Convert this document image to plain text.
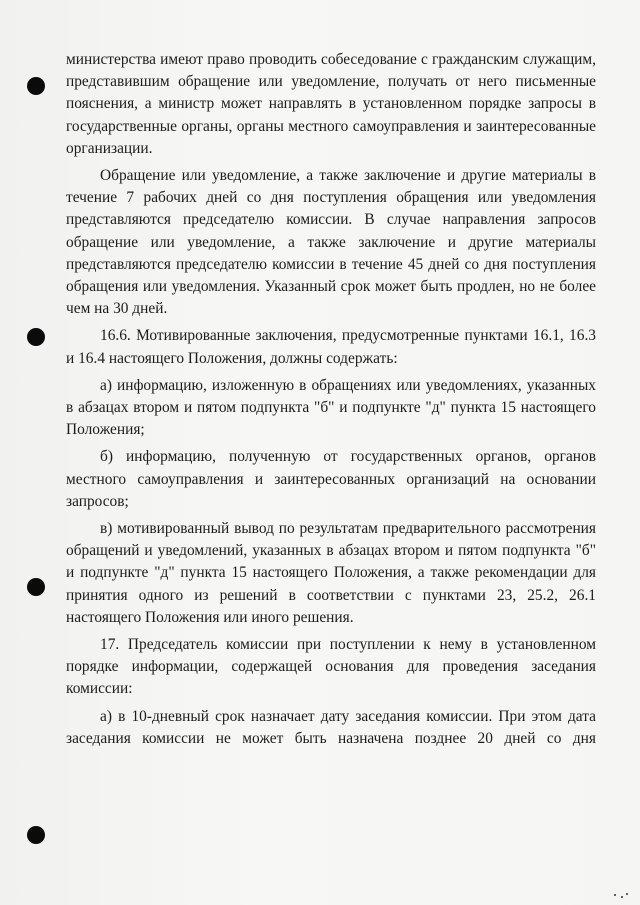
министерства имеют право проводить собеседование с гражданским служащим, представившим обращение или уведомление, получать от него письменные пояснения, а министр может направлять в установленном порядке запросы в государственные органы, органы местного самоуправления и заинтересованные организации.

Обращение или уведомление, а также заключение и другие материалы в течение 7 рабочих дней со дня поступления обращения или уведомления представляются председателю комиссии. В случае направления запросов обращение или уведомление, а также заключение и другие материалы представляются председателю комиссии в течение 45 дней со дня поступления обращения или уведомления. Указанный срок может быть продлен, но не более чем на 30 дней.

16.6. Мотивированные заключения, предусмотренные пунктами 16.1, 16.3 и 16.4 настоящего Положения, должны содержать:

а) информацию, изложенную в обращениях или уведомлениях, указанных в абзацах втором и пятом подпункта "б" и подпункте "д" пункта 15 настоящего Положения;

б) информацию, полученную от государственных органов, органов местного самоуправления и заинтересованных организаций на основании запросов;

в) мотивированный вывод по результатам предварительного рассмотрения обращений и уведомлений, указанных в абзацах втором и пятом подпункта "б" и подпункте "д" пункта 15 настоящего Положения, а также рекомендации для принятия одного из решений в соответствии с пунктами 23, 25.2, 26.1 настоящего Положения или иного решения.

17. Председатель комиссии при поступлении к нему в установленном порядке информации, содержащей основания для проведения заседания комиссии:

а) в 10-дневный срок назначает дату заседания комиссии. При этом дата заседания комиссии не может быть назначена позднее 20 дней со дня
